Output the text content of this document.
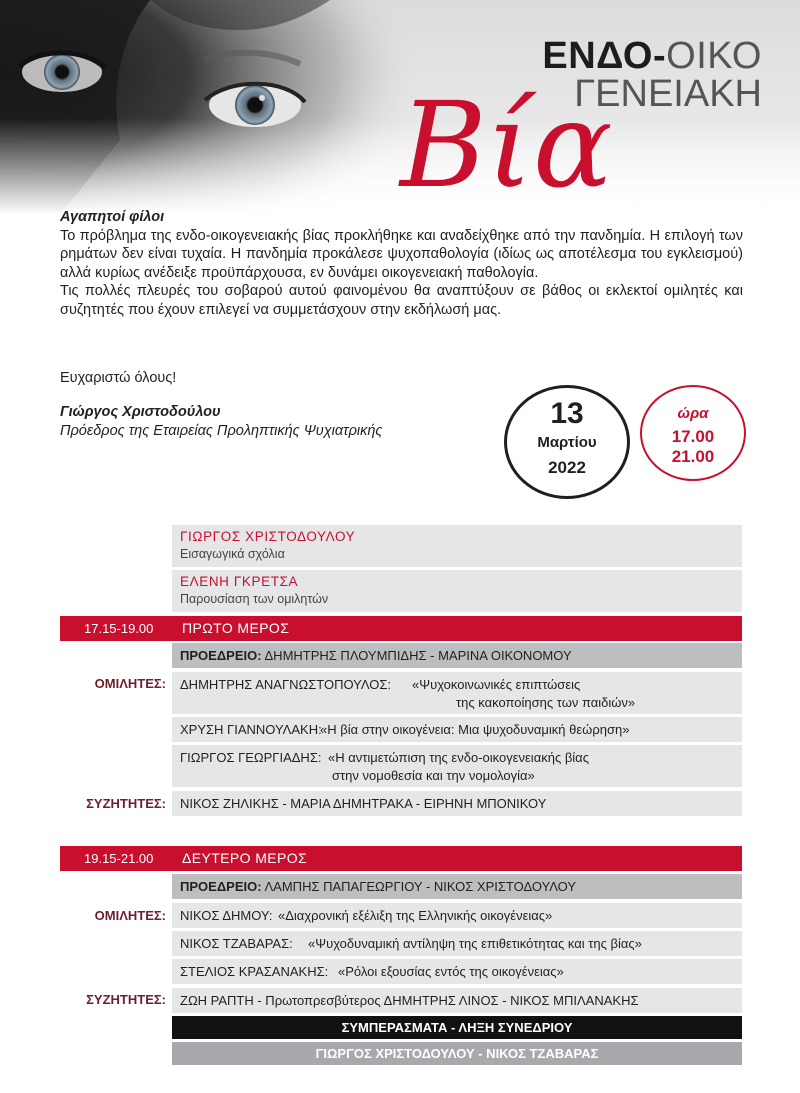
ΕΝΔΟ-ΟΙΚΟ
ΓΕΝΕΙΑΚΗ
Βία

Αγαπητοί φίλοι

Το πρόβλημα της ενδο-οικογενειακής βίας προκλήθηκε και αναδείχθηκε από την πανδημία. Η επιλογή των ρημάτων δεν είναι τυχαία. Η πανδημία προκάλεσε ψυχοπαθολογία (ιδίως ως αποτέλεσμα του εγκλεισμού) αλλά κυρίως ανέδειξε προϋπάρχουσα, εν δυνάμει οικογενειακή παθολογία.

Τις πολλές πλευρές του σοβαρού αυτού φαινομένου θα αναπτύξουν σε βάθος οι εκλεκτοί ομιλητές και συζητητές που έχουν επιλεγεί να συμμετάσχουν στην εκδήλωσή μας.

Ευχαριστώ όλους!
Γιώργος Χριστοδούλου
Πρόεδρος της Εταιρείας Προληπτικής Ψυχιατρικής
13
Μαρτίου
2022
ώρα
17.00
21.00
ΓΙΩΡΓΟΣ ΧΡΙΣΤΟΔΟΥΛΟΥ
Εισαγωγικά σχόλια
ΕΛΕΝΗ ΓΚΡΕΤΣΑ
Παρουσίαση των ομιλητών
17.15-19.00 ΠΡΩΤΟ ΜΕΡΟΣ
ΠΡΟΕΔΡΕΙΟ: ΔΗΜΗΤΡΗΣ ΠΛΟΥΜΠΙΔΗΣ - ΜΑΡΙΝΑ ΟΙΚΟΝΟΜΟΥ
ΟΜΙΛΗΤΕΣ: ΔΗΜΗΤΡΗΣ ΑΝΑΓΝΩΣΤΟΠΟΥΛΟΣ: «Ψυχοκοινωνικές επιπτώσεις
της κακοποίησης των παιδιών»
ΧΡΥΣΗ ΓΙΑΝΝΟΥΛΑΚΗ:
«Η βία στην οικογένεια: Μια ψυχοδυναμική θεώρηση»
ΓΙΩΡΓΟΣ ΓΕΩΡΓΙΑΔΗΣ: «Η αντιμετώπιση της ενδο-οικογενειακής βίας
στην νομοθεσία και την νομολογία»
ΣΥΖΗΤΗΤΕΣ: ΝΙΚΟΣ ΖΗΛΙΚΗΣ - ΜΑΡΙΑ ΔΗΜΗΤΡΑΚΑ - ΕΙΡΗΝΗ ΜΠΟΝΙΚΟΥ
19.15-21.00 ΔΕΥΤΕΡΟ ΜΕΡΟΣ
ΠΡΟΕΔΡΕΙΟ: ΛΑΜΠΗΣ ΠΑΠΑΓΕΩΡΓΙΟΥ - ΝΙΚΟΣ ΧΡΙΣΤΟΔΟΥΛΟΥ
ΟΜΙΛΗΤΕΣ: ΝΙΚΟΣ ΔΗΜΟΥ: «Διαχρονική εξέλιξη της Ελληνικής οικογένειας»
ΝΙΚΟΣ ΤΖΑΒΑΡΑΣ: «Ψυχοδυναμική αντίληψη της επιθετικότητας και της βίας»
ΣΤΕΛΙΟΣ ΚΡΑΣΑΝΑΚΗΣ: «Ρόλοι εξουσίας εντός της οικογένειας»
ΣΥΖΗΤΗΤΕΣ: ΖΩΗ ΡΑΠΤΗ - Πρωτοπρεσβύτερος ΔΗΜΗΤΡΗΣ ΛΙΝΟΣ - ΝΙΚΟΣ ΜΠΙΛΑΝΑΚΗΣ
ΣΥΜΠΕΡΑΣΜΑΤΑ - ΛΗΞΗ ΣΥΝΕΔΡΙΟΥ
ΓΙΩΡΓΟΣ ΧΡΙΣΤΟΔΟΥΛΟΥ - ΝΙΚΟΣ ΤΖΑΒΑΡΑΣ
